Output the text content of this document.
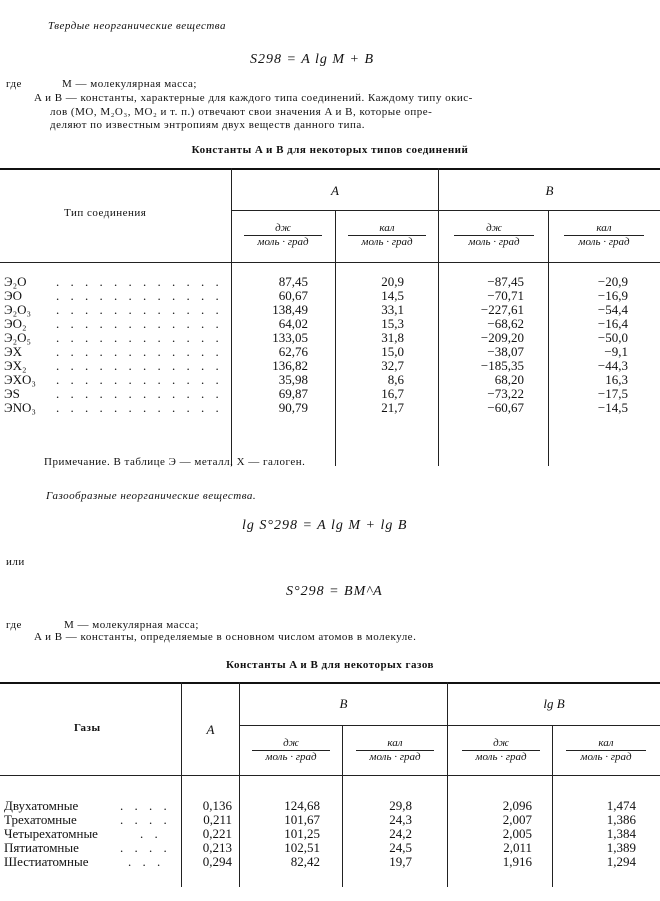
Твердые неорганические вещества
S298 = A lg M + B
где	M — молекулярная масса;
A и B — константы, характерные для каждого типа соединений. Каждому типу окис-
лов (МО, M₂O₃, МО₂ и т. п.) отвечают свои значения A и B, которые опре-
деляют по известным энтропиям двух веществ данного типа.
Константы A и B для некоторых типов соединений
Тип соединения
A	B
дж
моль · град
кал
моль · град
дж
моль · град
кал
моль · град
Э₂O . . . . . . . . . . . .	87,45	20,9	−87,45	−20,9
ЭO	. . . . . . . . . . . .	60,67	14,5	−70,71	−16,9
Э₂O₃ . . . . . . . . . . . .	138,49	33,1	−227,61	−54,4
ЭO₂ . . . . . . . . . . . .	64,02	15,3	−68,62	−16,4
Э₂O₅ . . . . . . . . . . . .	133,05	31,8	−209,20	−50,0
ЭX	. . . . . . . . . . . .	62,76	15,0	−38,07	−9,1
ЭX₂ . . . . . . . . . . . .	136,82	32,7	−185,35	−44,3
ЭXO₃ . . . . . . . . . . . .	35,98	8,6	68,20	16,3
ЭS	. . . . . . . . . . . .	69,87	16,7	−73,22	−17,5
ЭNO₃ . . . . . . . . . . . .	90,79	21,7	−60,67	−14,5
Примечание. В таблице Э — металл, X — галоген.
Газообразные неорганические вещества.
lg S°298 = A lg M + lg B
или
S°298 = BM^A
где	M — молекулярная масса;
A и B — константы, определяемые в основном числом атомов в молекуле.
Константы A и B для некоторых газов
Газы	A
B	lg B
дж
моль · град
кал
моль · град
дж
моль · град
кал
моль · град
Двухатомные	. . . .	0,136	124,68	29,8	2,096	1,474
Трехатомные	. . . .	0,211	101,67	24,3	2,007	1,386
Четырехатомные	. .	0,221	101,25	24,2	2,005	1,384
Пятиатомные	. . . .	0,213	102,51	24,5	2,011	1,389
Шестиатомные	. . .	0,294	82,42	19,7	1,916	1,294
